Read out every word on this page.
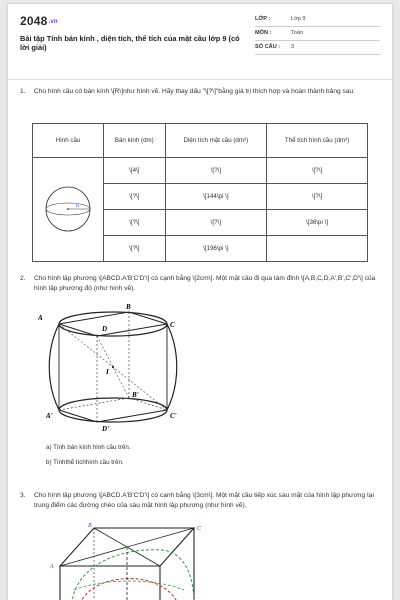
2048.vn
Bài tập Tính bán kính , diện tích, thể tích của mặt cầu lớp 9 (có lời giải)
LỚP :	Lớp 9
MÔN :	Toán
SỐ CÂU : 3
1. Cho hình cầu có bán kính \[R\]như hình vẽ. Hãy thay dấu "\[?\]"bằng giá trị thích hợp và hoàn thành bảng sau:
Hình cầu	Bán kính (dm)	Diện tích mặt cầu (dm²)	Thể tích hình cầu (dm³)

R	\[4\]	\[?\]	\[?\]
	\[?\]	\[144\pi \]	\[?\]
	\[?\]	\[?\]	\[36\pi \]
	\[?\]	\[196\pi \]	
2. Cho hình lập phương \[ABCD.A'B'C'D'\] có cạnh bằng \[2cm\]. Một mặt cầu đi qua tám đỉnh \[A,B,C,D,A',B',C',D'\] của hình lập phương đó (như hình vẽ).
A
B
C
D
A'
B'
C'
D'
I
a) Tính bán kính hình cầu trên.
b) Tínhthể tíchhình cầu trên.
3. Cho hình lập phương \[ABCD.A'B'C'D'\] có cạnh bằng \[3cm\]. Một mặt cầu tiếp xúc sáu mặt của hình lập phương tại trung điểm các đường chéo của sáu mặt hình lập phương (như hình vẽ).
B	C
A
